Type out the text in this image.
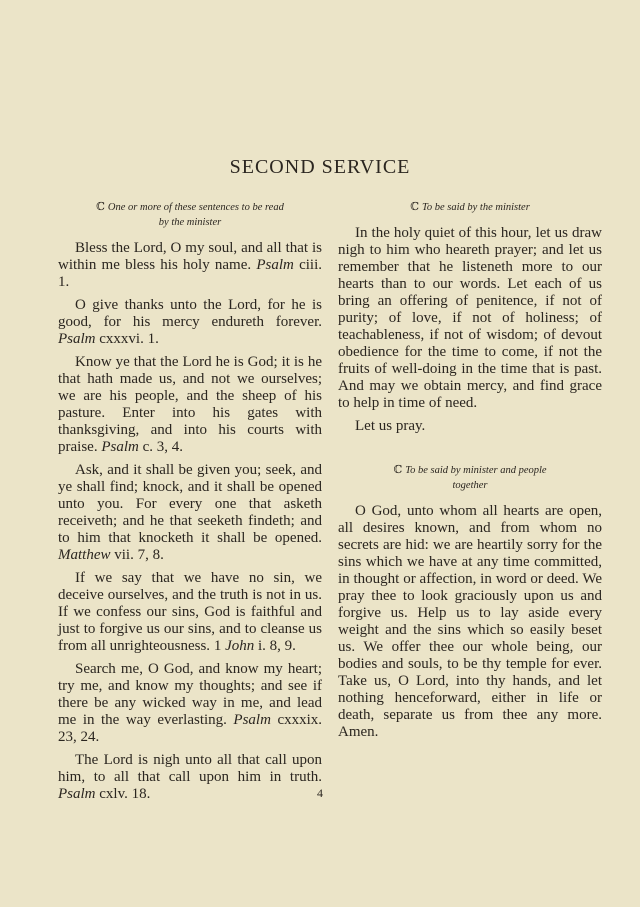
SECOND SERVICE
ℂ One or more of these sentences to be read
by the minister

Bless the Lord, O my soul, and all that is within me bless his holy name. Psalm ciii. 1.

O give thanks unto the Lord, for he is good, for his mercy endureth forever. Psalm cxxxvi. 1.

Know ye that the Lord he is God; it is he that hath made us, and not we ourselves; we are his people, and the sheep of his pasture. Enter into his gates with thanksgiving, and into his courts with praise. Psalm c. 3, 4.

Ask, and it shall be given you; seek, and ye shall find; knock, and it shall be opened unto you. For every one that asketh receiveth; and he that seeketh findeth; and to him that knocketh it shall be opened. Matthew vii. 7, 8.

If we say that we have no sin, we deceive ourselves, and the truth is not in us. If we confess our sins, God is faithful and just to forgive us our sins, and to cleanse us from all unrighteousness. 1 John i. 8, 9.

Search me, O God, and know my heart; try me, and know my thoughts; and see if there be any wicked way in me, and lead me in the way everlasting. Psalm cxxxix. 23, 24.

The Lord is nigh unto all that call upon him, to all that call upon him in truth. Psalm cxlv. 18.

ℂ To be said by the minister

In the holy quiet of this hour, let us draw nigh to him who heareth prayer; and let us remember that he listeneth more to our hearts than to our words. Let each of us bring an offering of penitence, if not of purity; of love, if not of holiness; of teachableness, if not of wisdom; of devout obedience for the time to come, if not the fruits of well-doing in the time that is past. And may we obtain mercy, and find grace to help in time of need.

Let us pray.

ℂ To be said by minister and people
together

O God, unto whom all hearts are open, all desires known, and from whom no secrets are hid: we are heartily sorry for the sins which we have at any time committed, in thought or affection, in word or deed. We pray thee to look graciously upon us and forgive us. Help us to lay aside every weight and the sins which so easily beset us. We offer thee our whole being, our bodies and souls, to be thy temple for ever. Take us, O Lord, into thy hands, and let nothing henceforward, either in life or death, separate us from thee any more. Amen.

4
